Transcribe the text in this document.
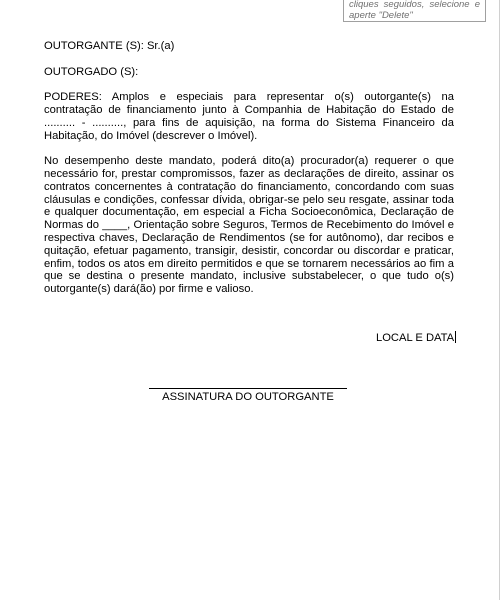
cliques seguidos, selecione e
aperte "Delete"

OUTORGANTE (S): Sr.(a)

OUTORGADO (S):

PODERES: Amplos e especiais para representar o(s) outorgante(s) na contratação de financiamento junto à Companhia de Habitação do Estado de .......... - .........., para fins de aquisição, na forma do Sistema Financeiro da Habitação, do Imóvel (descrever o Imóvel).

No desempenho deste mandato, poderá dito(a) procurador(a) requerer o que necessário for, prestar compromissos, fazer as declarações de direito, assinar os contratos concernentes à contratação do financiamento, concordando com suas cláusulas e condições, confessar dívida, obrigar-se pelo seu resgate, assinar toda e qualquer documentação, em especial a Ficha Socioeconômica, Declaração de Normas do ____, Orientação sobre Seguros, Termos de Recebimento do Imóvel e respectiva chaves, Declaração de Rendimentos (se for autônomo), dar recibos e quitação, efetuar pagamento, transigir, desistir, concordar ou discordar e praticar, enfim, todos os atos em direito permitidos e que se tornarem necessários ao fim a que se destina o presente mandato, inclusive substabelecer, o que tudo o(s) outorgante(s) dará(ão) por firme e valioso.

LOCAL E DATA
ASSINATURA DO OUTORGANTE
